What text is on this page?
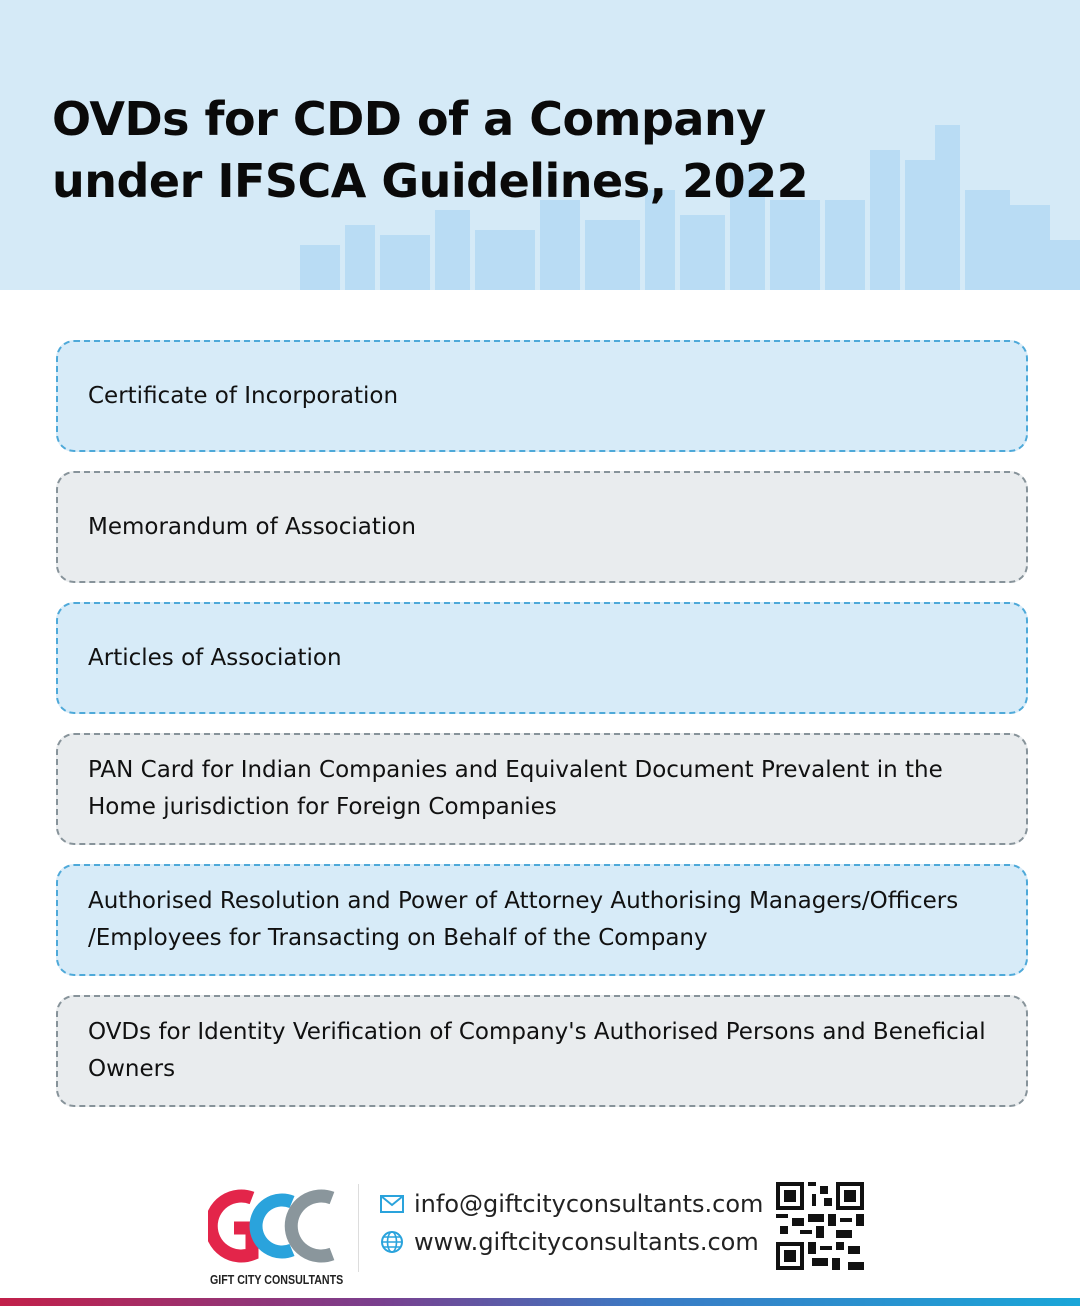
OVDs for CDD of a Company
under IFSCA Guidelines, 2022
Certificate of Incorporation
Memorandum of Association
Articles of Association
PAN Card for Indian Companies and Equivalent Document Prevalent in the Home jurisdiction for Foreign Companies
Authorised Resolution and Power of Attorney Authorising Managers/Officers /Employees for Transacting on Behalf of the Company
OVDs for Identity Verification of Company's Authorised Persons and Beneficial Owners
GIFT CITY CONSULTANTS
info@giftcityconsultants.com
www.giftcityconsultants.com
